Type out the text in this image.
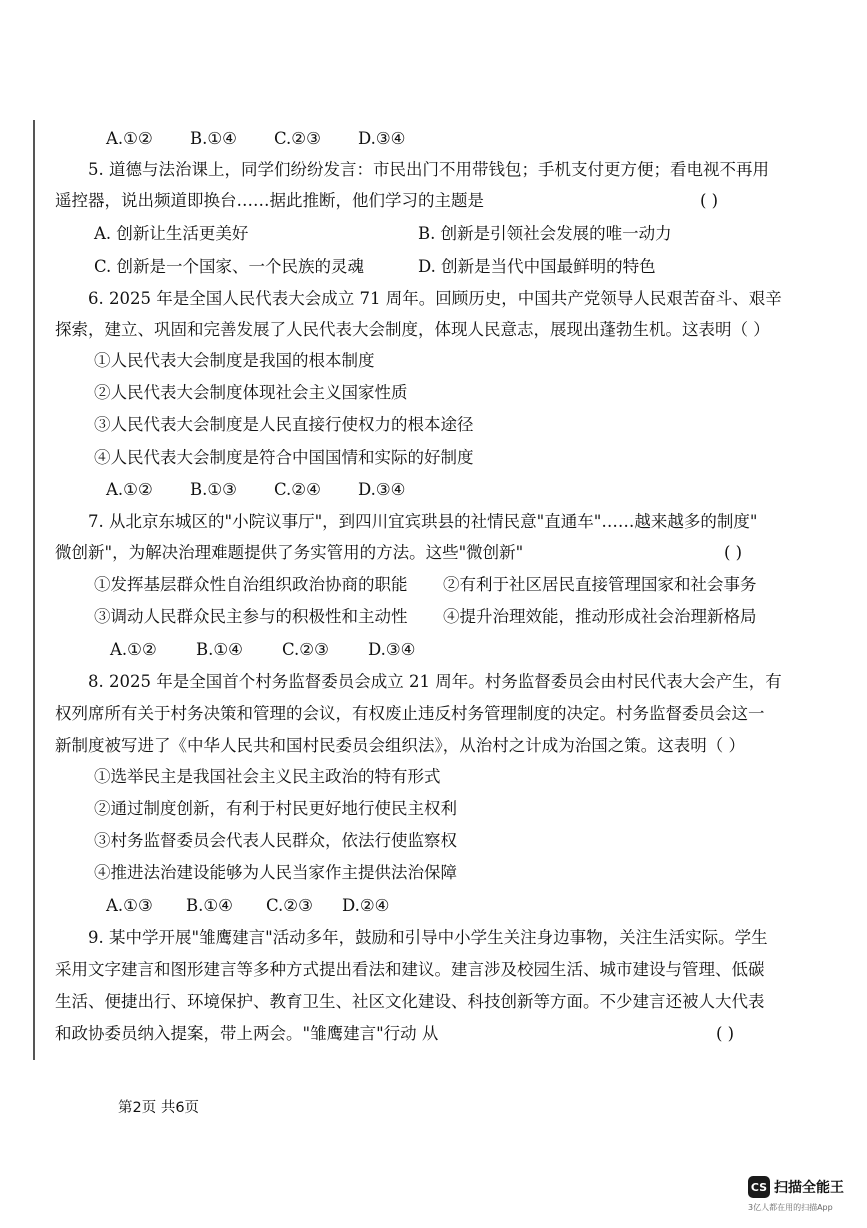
A.①② B.①④ C.②③ D.③④
5. 道德与法治课上，同学们纷纷发言：市民出门不用带钱包；手机支付更方便；看电视不再用
遥控器，说出频道即换台……据此推断，他们学习的主题是	( )
A. 创新让生活更美好	B. 创新是引领社会发展的唯一动力
C. 创新是一个国家、一个民族的灵魂	D. 创新是当代中国最鲜明的特色
6. 2025 年是全国人民代表大会成立 71 周年。回顾历史，中国共产党领导人民艰苦奋斗、艰辛
探索，建立、巩固和完善发展了人民代表大会制度，体现人民意志，展现出蓬勃生机。这表明（ ）
①人民代表大会制度是我国的根本制度
②人民代表大会制度体现社会主义国家性质
③人民代表大会制度是人民直接行使权力的根本途径
④人民代表大会制度是符合中国国情和实际的好制度
A.①② B.①③ C.②④ D.③④
7. 从北京东城区的"小院议事厅"，到四川宜宾珙县的社情民意"直通车"……越来越多的制度"
微创新"，为解决治理难题提供了务实管用的方法。这些"微创新"	( )
①发挥基层群众性自治组织政治协商的职能 ②有利于社区居民直接管理国家和社会事务
③调动人民群众民主参与的积极性和主动性 ④提升治理效能，推动形成社会治理新格局
A.①② B.①④ C.②③ D.③④
8. 2025 年是全国首个村务监督委员会成立 21 周年。村务监督委员会由村民代表大会产生，有
权列席所有关于村务决策和管理的会议，有权废止违反村务管理制度的决定。村务监督委员会这一
新制度被写进了《中华人民共和国村民委员会组织法》，从治村之计成为治国之策。这表明（ ）
①选举民主是我国社会主义民主政治的特有形式
②通过制度创新，有利于村民更好地行使民主权利
③村务监督委员会代表人民群众，依法行使监察权
④推进法治建设能够为人民当家作主提供法治保障
A.①③ B.①④ C.②③ D.②④
9. 某中学开展"雏鹰建言"活动多年，鼓励和引导中小学生关注身边事物，关注生活实际。学生
采用文字建言和图形建言等多种方式提出看法和建议。建言涉及校园生活、城市建设与管理、低碳
生活、便捷出行、环境保护、教育卫生、社区文化建设、科技创新等方面。不少建言还被人大代表
和政协委员纳入提案，带上两会。"雏鹰建言"行动 从	( )
第2页 共6页
CS 扫描全能王
3亿人都在用的扫描App
